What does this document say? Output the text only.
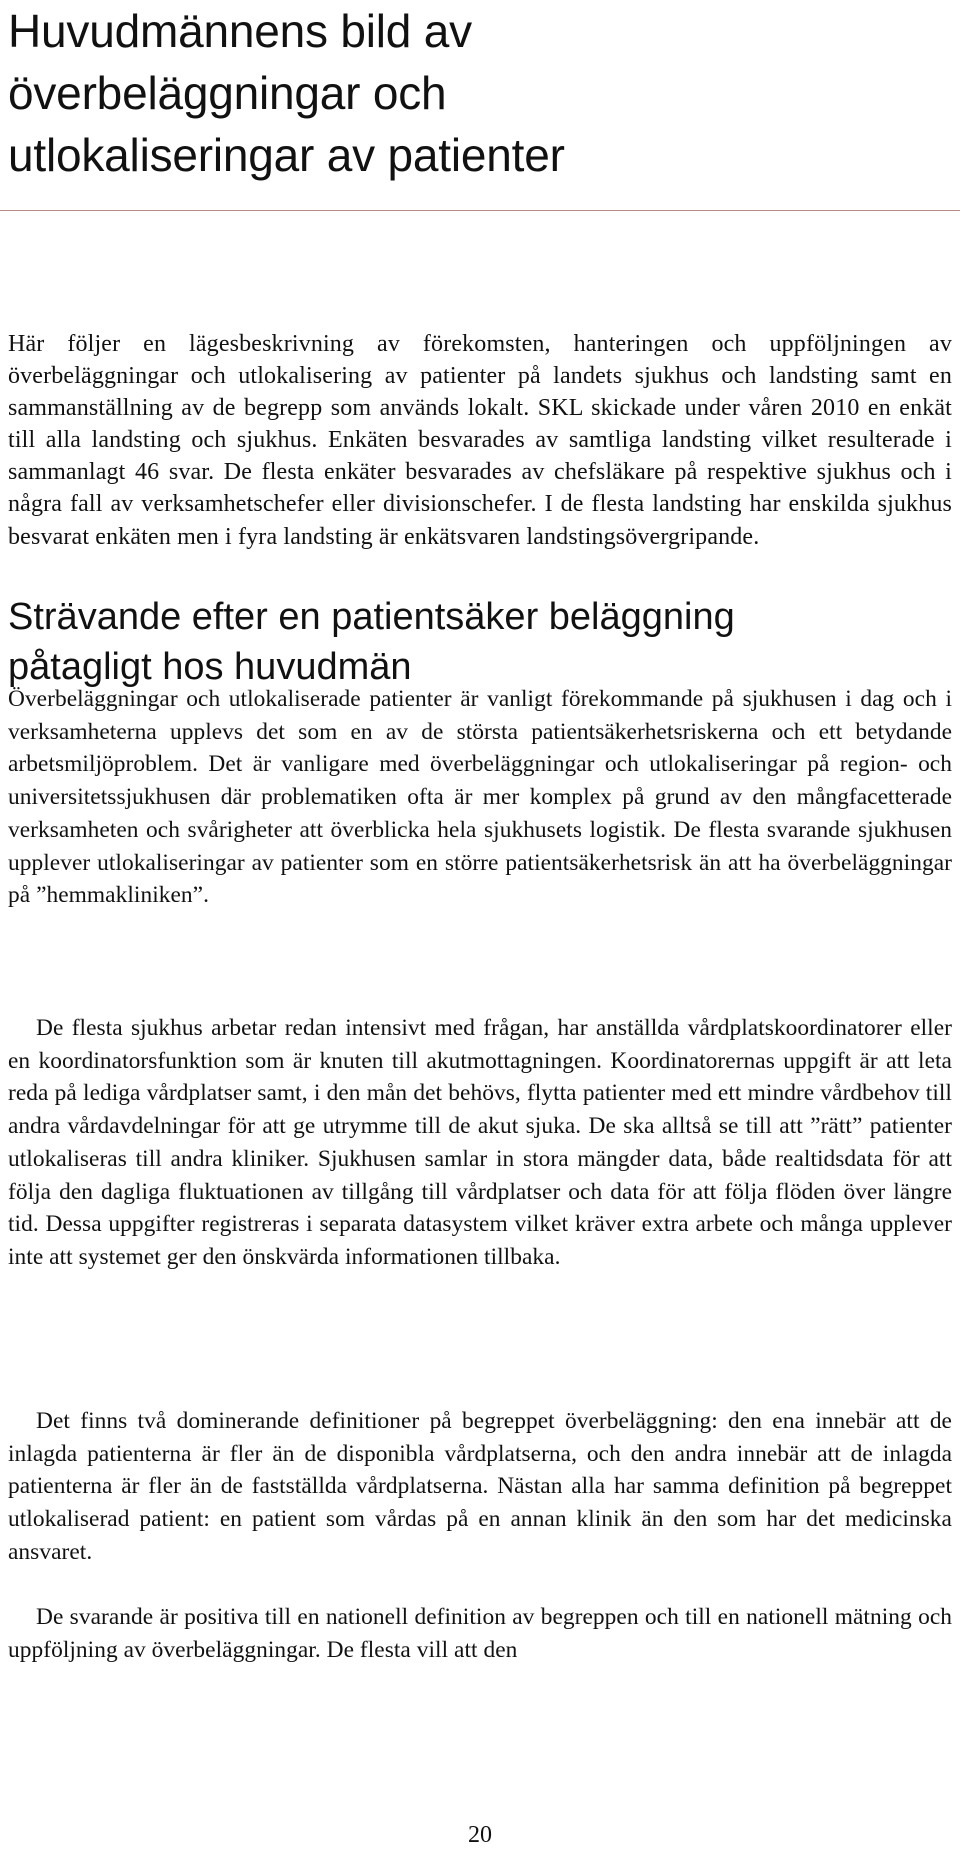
Huvudmännens bild av
överbeläggningar och
utlokaliseringar av patienter

Här följer en lägesbeskrivning av förekomsten, hanteringen och uppföljningen av överbeläggningar och utlokalisering av patienter på landets sjukhus och landsting samt en sammanställning av de begrepp som används lokalt. SKL skickade under våren 2010 en enkät till alla landsting och sjukhus. Enkäten besvarades av samtliga landsting vilket resulterade i sammanlagt 46 svar. De flesta enkäter besvarades av chefsläkare på respektive sjukhus och i några fall av verksamhetschefer eller divisionschefer. I de flesta landsting har enskilda sjukhus besvarat enkäten men i fyra landsting är enkätsvaren landstingsövergripande.

Strävande efter en patientsäker beläggning
påtagligt hos huvudmän

Överbeläggningar och utlokaliserade patienter är vanligt förekommande på sjukhusen i dag och i verksamheterna upplevs det som en av de största patientsäkerhetsriskerna och ett betydande arbetsmiljöproblem. Det är vanligare med överbeläggningar och utlokaliseringar på region- och universitetssjukhusen där problematiken ofta är mer komplex på grund av den mångfacetterade verksamheten och svårigheter att överblicka hela sjukhusets logistik. De flesta svarande sjukhusen upplever utlokaliseringar av patienter som en större patientsäkerhetsrisk än att ha överbeläggningar på ”hemmakliniken”.

De flesta sjukhus arbetar redan intensivt med frågan, har anställda vårdplatskoordinatorer eller en koordinatorsfunktion som är knuten till akutmottagningen. Koordinatorernas uppgift är att leta reda på lediga vårdplatser samt, i den mån det behövs, flytta patienter med ett mindre vårdbehov till andra vårdavdelningar för att ge utrymme till de akut sjuka. De ska alltså se till att ”rätt” patienter utlokaliseras till andra kliniker. Sjukhusen samlar in stora mängder data, både realtidsdata för att följa den dagliga fluktuationen av tillgång till vårdplatser och data för att följa flöden över längre tid. Dessa uppgifter registreras i separata datasystem vilket kräver extra arbete och många upplever inte att systemet ger den önskvärda informationen tillbaka.

Det finns två dominerande definitioner på begreppet överbeläggning: den ena innebär att de inlagda patienterna är fler än de disponibla vårdplatserna, och den andra innebär att de inlagda patienterna är fler än de fastställda vårdplatserna. Nästan alla har samma definition på begreppet utlokaliserad patient: en patient som vårdas på en annan klinik än den som har det medicinska ansvaret.

De svarande är positiva till en nationell definition av begreppen och till en nationell mätning och uppföljning av överbeläggningar. De flesta vill att den

20
